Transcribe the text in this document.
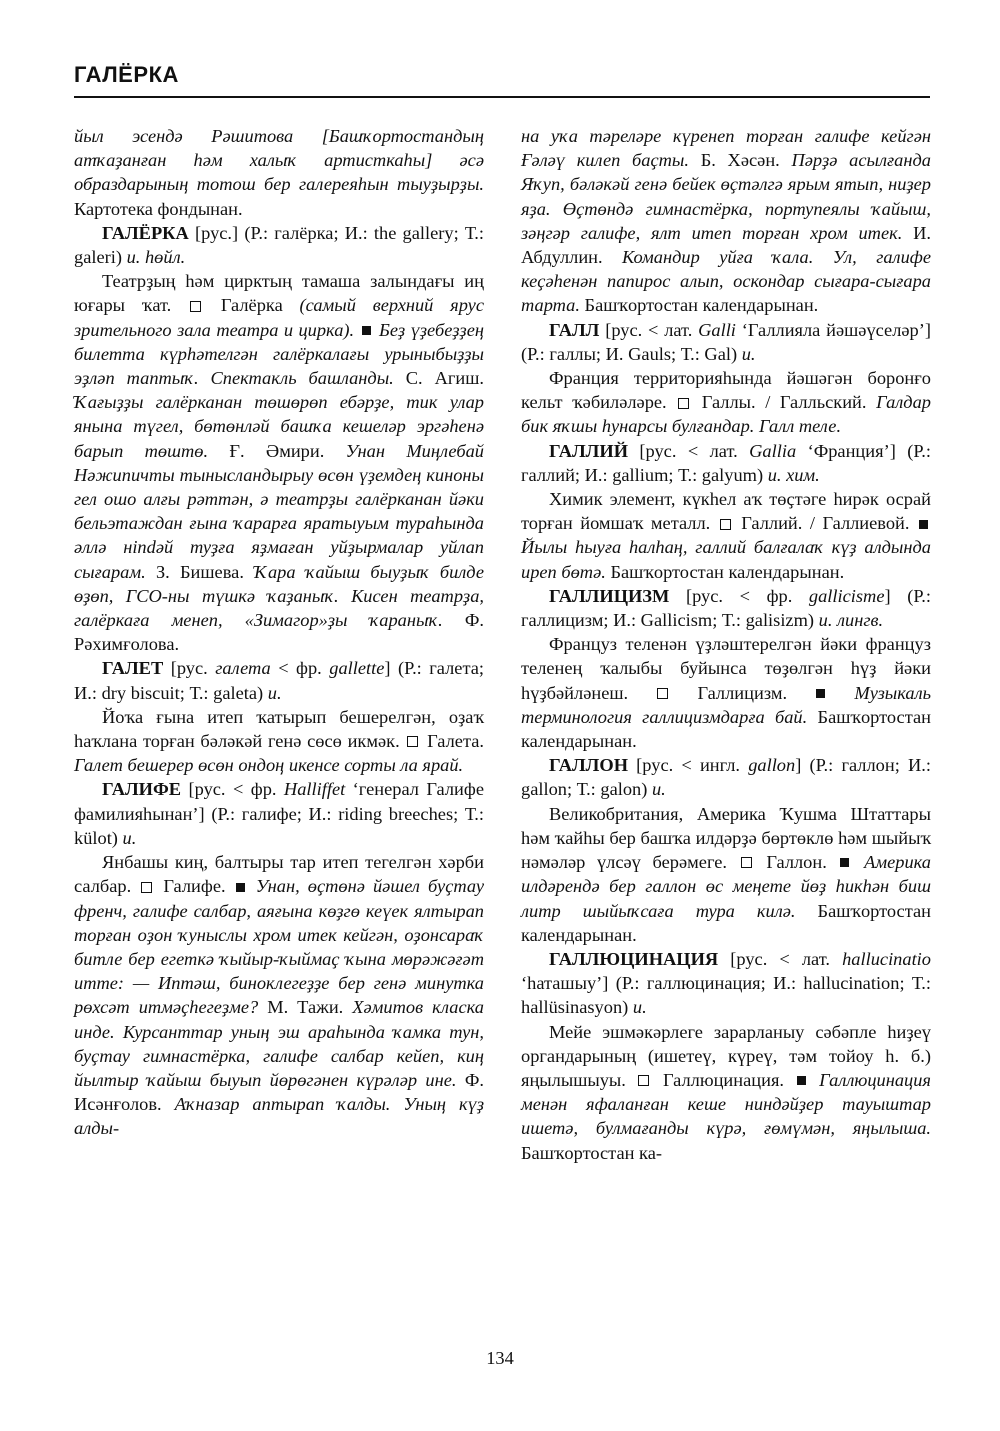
ГАЛЁРКА

йыл эсендә Рәшитова [Башҡортостандың атҡаҙанған һәм халыҡ артисткаһы] әсә образдарының тотош бер галереяһын тыуҙырҙы. Картотека фондынан.

ГАЛЁРКА [рус.] (Р.: галёрка; И.: the gallery; Т.: galeri) и. һөйл.

Театрҙың һәм цирктың тамаша залындағы иң юғары ҡат.  Галёрка (самый верхний ярус зрительного зала театра и цирка). Беҙ үҙебеҙҙең билетта күрһәтелгән галёркалағы урыныбыҙҙы эҙләп таптыҡ. Спектакль башланды. С. Агиш. Ҡағыҙҙы галёрканан төшөрөп ебәрҙе, тик улар янына түгел, бөтөнләй башҡа кешеләр эргәһенә барып төштө. Ғ. Әмири. Унан Миңлебай Нәжипичты тынысландырыу өсөн үҙемдең киноны гел ошо алғы рәттән, ә театрҙы галёрканан йәки бельэтаждан ғына ҡарарға яратыуым тураһында әллә нindәй туҙға яҙмаған уйҙырмалар уйлап сығарам. З. Бишева. Ҡара ҡайыш быуҙыҡ билде өҙөп, ГСО-ны түшкә ҡаҙаныҡ. Кисен театрҙа, галёркаға менеп, «Зимагор»ҙы ҡараныҡ. Ф. Рәхимғолова.

ГАЛЕТ [рус. галета < фр. gallette] (Р.: галета; И.: dry biscuit; Т.: galeta) и.

Йоҡа ғына итеп ҡатырып бешерелгән, оҙаҡ һаҡлана торған бәләкәй генә сөсө икмәк.  Галета. Галет бешерер өсөн ондоң икенсе сорты ла ярай.

ГАЛИФЕ [рус. < фр. Halliffet ‘генерал Галифе фамилияһынан’] (Р.: галифе; И.: riding breeches; Т.: külot) и.

Янбашы киң, балтыры тар итеп тегелгән хәрби салбар.  Галифе.  Унан, өҫтөнә йәшел буҫтау френч, галифе салбар, аяғына көҙгө кеүек ялтырап торған оҙон ҡуныслы хром итек кейгән, оҙонсараҡ битле бер егеткә ҡыйыр-ҡыймаҫ ҡына мөрәжәғәт итте: — Иптәш, биноклегеҙҙе бер генә минутка рөхсәт итмәҫһегеҙме? М. Тажи. Хәмитов класка инде. Курсанттар уның эш араһында ҡамка тун, буҫтау гимнастёрка, галифе салбар кейеп, киң йылтыр ҡайыш быуып йөрөгәнен күрәләр ине. Ф. Исәнғолов. Аҡназар аптырап ҡалды. Уның күҙ алды-

на уҡа тәреләре күренеп торған галифе кейгән Ғәләү килеп баҫты. Б. Хәсән. Пәрҙә асылғанда Яҡуп, бәләкәй генә бейек өҫтәлгә ярым ятып, ниҙер яҙа. Өҫтөндә гимнастёрка, портупеялы ҡайыш, зәңгәр галифе, ялт итеп торған хром итек. И. Абдуллин. Командир уйға ҡала. Ул, галифе кеҫәһенән папирос алып, оскондар сығара-сығара тарта. Башҡортостан календарынан.

ГАЛЛ [рус. < лат. Galli ‘Галлияла йәшәүселәр’] (Р.: галлы; И. Gauls; Т.: Gal) и.

Франция территорияһында йәшәгән боронғо кельт ҡәбиләләре.  Галлы. / Галльский. Галдар бик яҡшы һунарсы булғандар. Галл теле.

ГАЛЛИЙ [рус. < лат. Gallia ‘Франция’] (Р.: галлий; И.: gallium; Т.: galyum) и. хим.

Химик элемент, күкһел аҡ төҫтәге һирәк осрай торған йомшаҡ металл.  Галлий. / Галлиевой.  Йылы һыуға һалһаң, галлий балғалаҡ күҙ алдында иреп бөтә. Башҡортостан календарынан.

ГАЛЛИЦИЗМ [рус. < фр. gallicisme] (Р.: галлицизм; И.: Gallicism; Т.: galisizm) и. лингв.

Француз теленән үҙләштерелгән йәки француз теленең ҡалыбы буйынса төҙөлгән һүҙ йәки һүҙбәйләнеш.  Галлицизм.  Музыкаль терминология галлицизмдарға бай. Башҡортостан календарынан.

ГАЛЛОН [рус. < ингл. gallon] (Р.: галлон; И.: gallon; Т.: galon) и.

Великобритания, Америка Ҡушма Штаттары һәм ҡайһы бер башҡа илдәрҙә бөртөклө һәм шыйыҡ нәмәләр үлсәү берәмеге.  Галлон.  Америка илдәрендә бер галлон өс меңете йөҙ һикһән биш литр шыйыҡсаға тура килә. Башҡортостан календарынан.

ГАЛЛЮЦИНАЦИЯ [рус. < лат. hallucinatio ‘һаташыу’] (Р.: галлюцинация; И.: hallucination; Т.: hallüsinasyon) и.

Мейе эшмәкәрлеге зарарланыу сәбәпле һиҙеү органдарының (ишетеү, күреү, тәм тойоу һ. б.) яңылышыуы.  Галлюцинация.  Галлюцинация менән яфаланған кеше ниндәйҙер тауыштар ишетә, булмағанды күрә, ғөмүмән, яңылыша. Башҡортостан ка-

134
